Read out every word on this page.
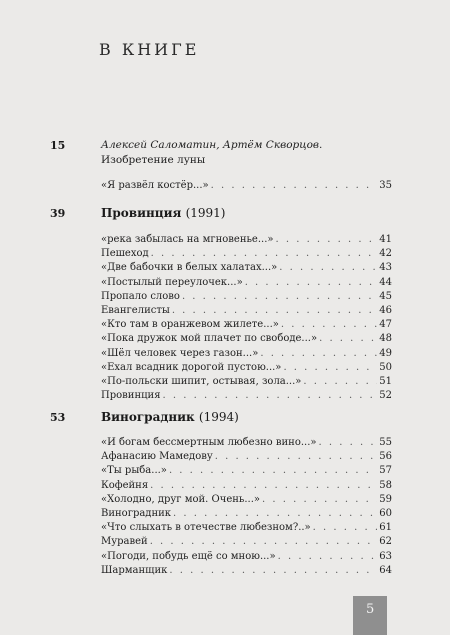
В КНИГЕ
15	Алексей Саломатин, Артём Скворцов.
Изобретение луны
«Я развёл костёр...» . . .	35
39	Провинция (1991)
«река забылась на мгновенье...» . . .	41
Пешеход . . .	42
«Две бабочки в белых халатах...» . . .	43
«Постылый переулочек...» . . .	44
Пропало слово . . .	45
Евангелисты . . .	46
«Кто там в оранжевом жилете...» . . .	47
«Пока дружок мой плачет по свободе...» . . .	48
«Шёл человек через газон...» . . .	49
«Ехал всадник дорогой пустою...» . . .	50
«По-польски шипит, остывая, зола...» . . .	51
Провинция . . .	52
53	Виноградник (1994)
«И богам бессмертным любезно вино...» . . .	55
Афанасию Мамедову . . .	56
«Ты рыба...» . . .	57
Кофейня . . .	58
«Холодно, друг мой. Очень...» . . .	59
Виноградник . . .	60
«Что слыхать в отечестве любезном?..» . . .	61
Муравей . . .	62
«Погоди, побудь ещё со мною...» . . .	63
Шарманщик . . .	64
5
